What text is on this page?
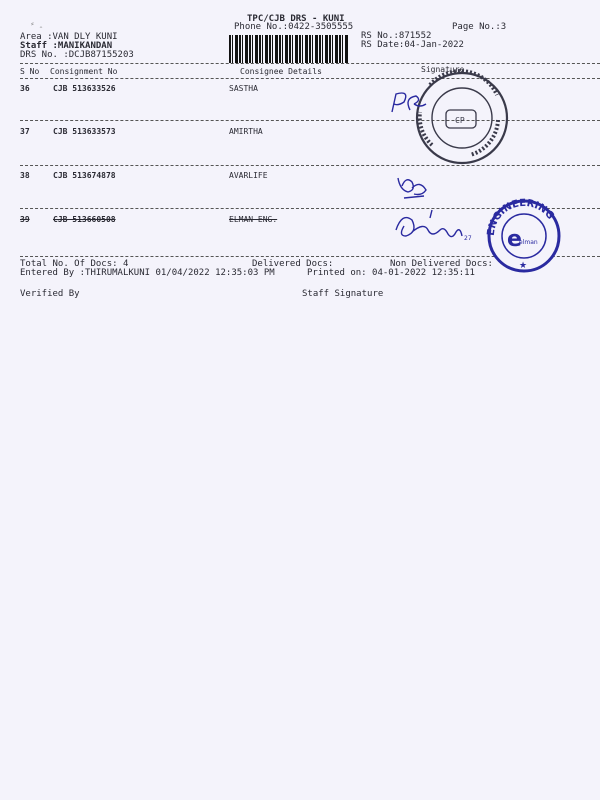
TPC/CJB DRS - KUNI
Phone No.:0422-3505555	Page No.:3
⸗ ‸
Area :VAN DLY KUNI
Staff :MANIKANDAN
DRS No. :DCJB87155203
RS No.:871552
RS Date:04-Jan-2022
S No Consignment No	Consignee Details	Signature
36	CJB 513633526	SASTHA
37	CJB 513633573	AMIRTHA
38	CJB 513674878	AVARLIFE
39	CJB 513660508	ELMAN ENG.
Total No. Of Docs: 4	Delivered Docs:	Non Delivered Docs:
Entered By :THIRUMALKUNI 01/04/2022 12:35:03 PM	Printed on: 04-01-2022 12:35:11
Verified By	Staff Signature
CP
27
ENGINEERING
e
elman
★
